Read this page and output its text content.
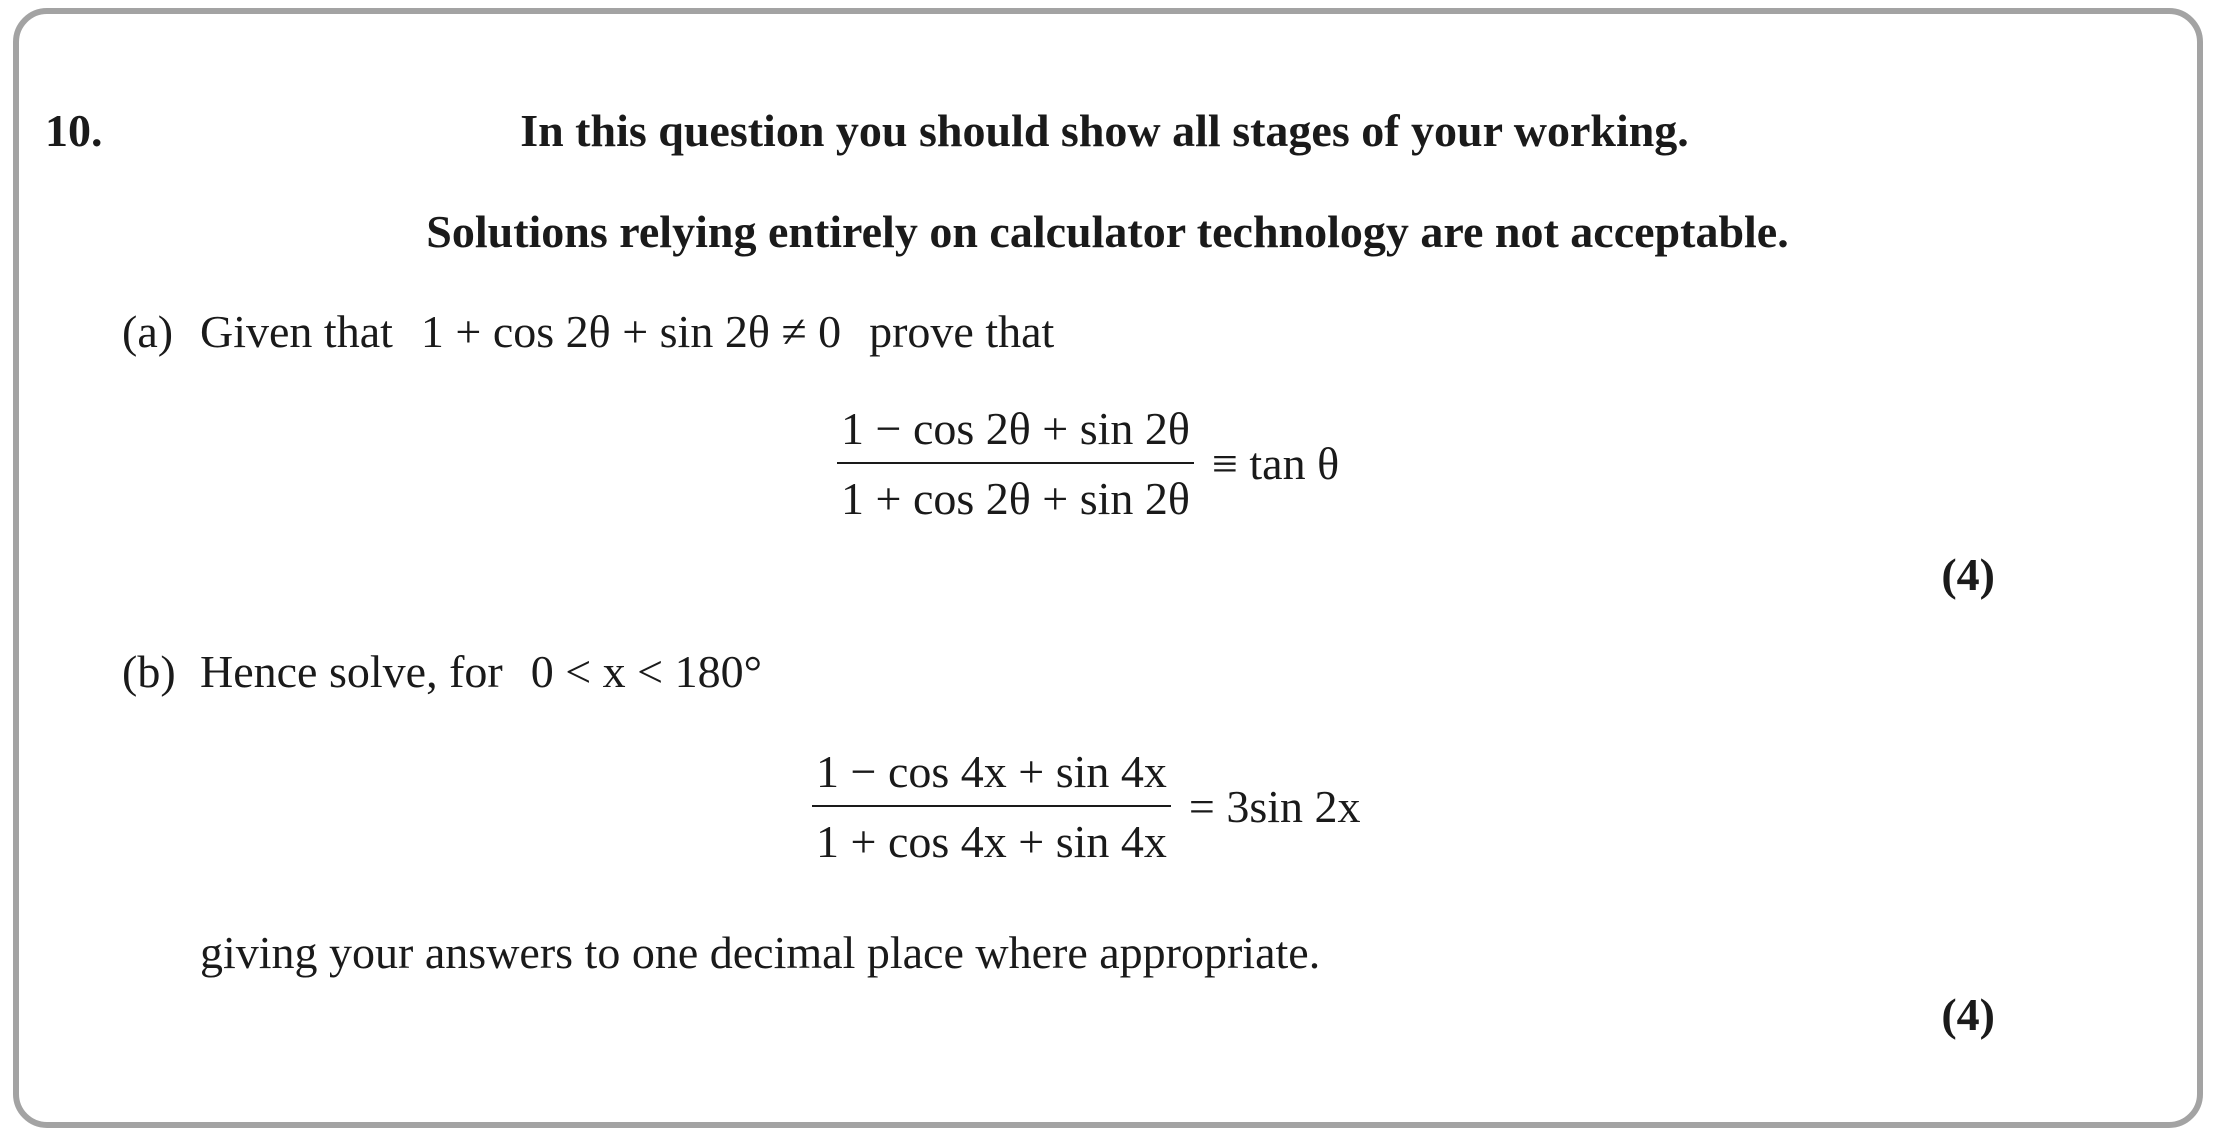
10.	In this question you should show all stages of your working.
Solutions relying entirely on calculator technology are not acceptable.
(a) Given that 1 + cos 2θ + sin 2θ ≠ 0 prove that
$\frac{1 - \cos 2\theta + \sin 2\theta}{1 + \cos 2\theta + \sin 2\theta} \equiv \tan \theta$
(4)
(b) Hence solve, for 0 < x < 180°
$\frac{1 - \cos 4x + \sin 4x}{1 + \cos 4x + \sin 4x} = 3\sin$ 2x
giving your answers to one decimal place where appropriate.
(4)
